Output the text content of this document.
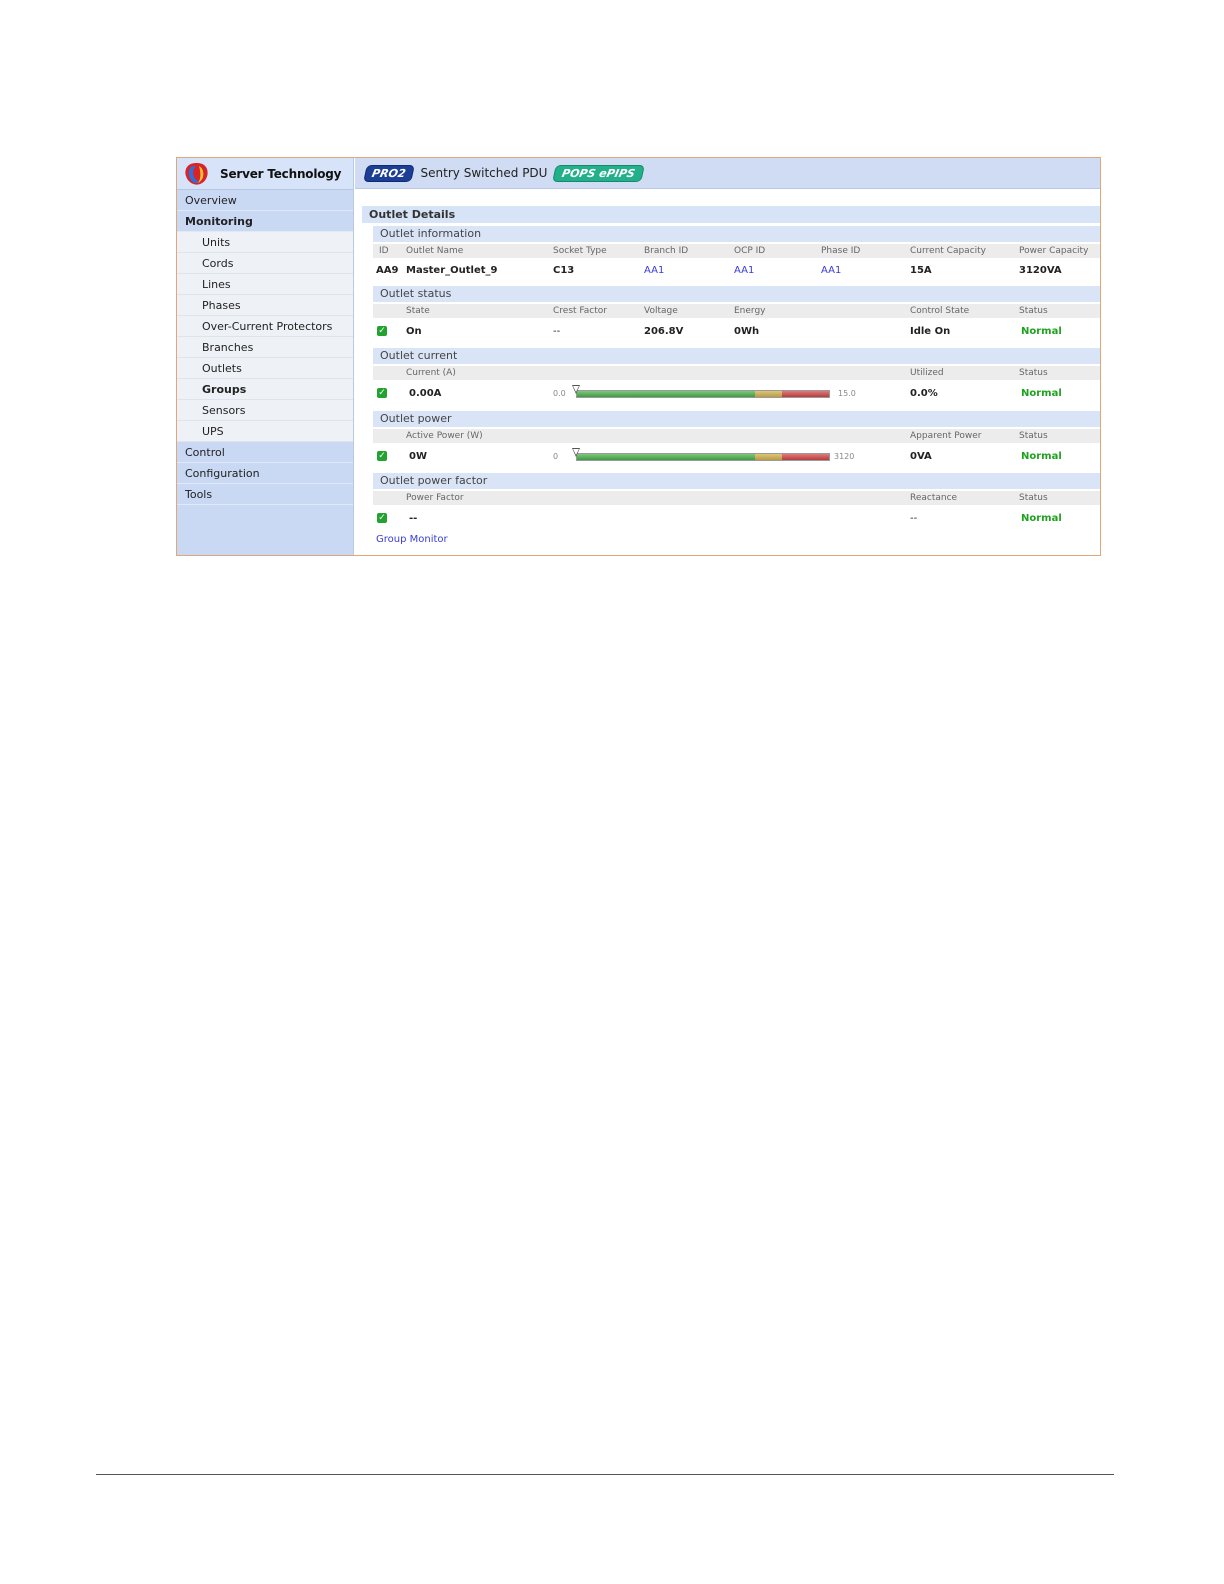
Server Technology
Overview
Monitoring
Units
Cords
Lines
Phases
Over-Current Protectors
Branches
Outlets
Groups
Sensors
UPS
Control
Configuration
Tools
PRO2	Sentry Switched PDU	POPS ePIPS
Outlet Details
Outlet information
ID Outlet Name	Socket Type	Branch ID	OCP ID	Phase ID	Current Capacity	Power Capacity
AA9 Master_Outlet_9	C13	AA1	AA1	AA1	15A	3120VA
Outlet status
State	Crest Factor	Voltage	Energy	Control State	Status
✓ On	--	206.8V	0Wh	Idle On	Normal
Outlet current
Current (A)	Utilized	Status
✓ 0.00A	0.0	15.0	0.0%	Normal
Outlet power
Active Power (W)	Apparent Power	Status
✓ 0W	0	3120	0VA	Normal
Outlet power factor
Power Factor	Reactance	Status
✓ --	--	Normal
Group Monitor
